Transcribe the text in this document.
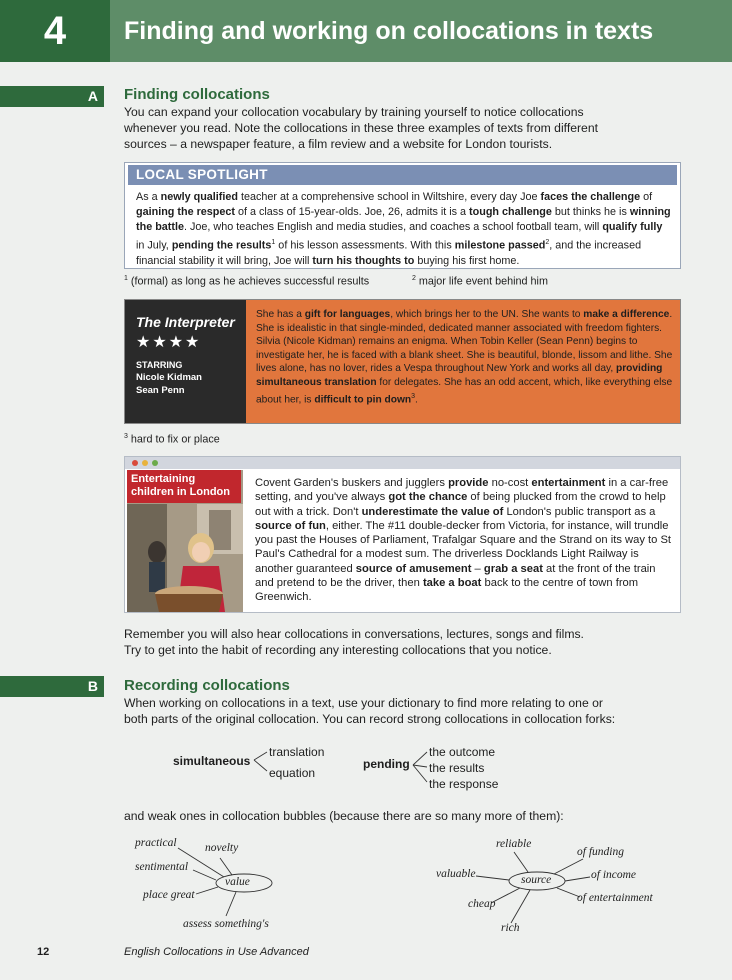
4	Finding and working on collocations in texts
A	Finding collocations
You can expand your collocation vocabulary by training yourself to notice collocations
whenever you read. Note the collocations in these three examples of texts from different
sources – a newspaper feature, a film review and a website for London tourists.
LOCAL SPOTLIGHT
As a newly qualified teacher at a comprehensive school in Wiltshire, every day Joe faces the challenge of gaining the respect of a class of 15-year-olds. Joe, 26, admits it is a tough challenge but thinks he is winning the battle. Joe, who teaches English and media studies, and coaches a school football team, will qualify fully in July, pending the results$^1$ of his lesson assessments. With this milestone passed$^2$, and the increased financial stability it will bring, Joe will turn his thoughts to buying his first home.
$^1$ (formal) as long as he achieves successful results	$^2$ major life event behind him
The Interpreter
★★★★
STARRING
Nicole Kidman
Sean Penn
She has a gift for languages, which brings her to the UN. She wants to make a difference. She is idealistic in that single-minded, dedicated manner associated with freedom fighters. Silvia (Nicole Kidman) remains an enigma. When Tobin Keller (Sean Penn) begins to investigate her, he is faced with a blank sheet. She is beautiful, blonde, lissom and lithe. She lives alone, has no lover, rides a Vespa throughout New York and works all day, providing simultaneous translation for delegates. She has an odd accent, which, like everything else about her, is difficult to pin down$^3$.
$^3$ hard to fix or place
Entertaining
children in London
Covent Garden's buskers and jugglers provide no-cost entertainment in a car-free setting, and you've always got the chance of being plucked from the crowd to help out with a trick. Don't underestimate the value of London's public transport as a source of fun, either. The #11 double-decker from Victoria, for instance, will trundle you past the Houses of Parliament, Trafalgar Square and the Strand on its way to St Paul's Cathedral for a modest sum. The driverless Docklands Light Railway is another guaranteed source of amusement – grab a seat at the front of the train and pretend to be the driver, then take a boat back to the centre of town from Greenwich.
Remember you will also hear collocations in conversations, lectures, songs and films.
Try to get into the habit of recording any interesting collocations that you notice.
B	Recording collocations
When working on collocations in a text, use your dictionary to find more relating to one or
both parts of the original collocation. You can record strong collocations in collocation forks:
simultaneous
translation
equation
pending
the outcome
the results
the response
and weak ones in collocation bubbles (because there are so many more of them):
value
practical novelty
sentimental
place great
assess something's
source
reliable
of funding
valuable	of income
cheap	of entertainment
rich
12	English Collocations in Use Advanced
